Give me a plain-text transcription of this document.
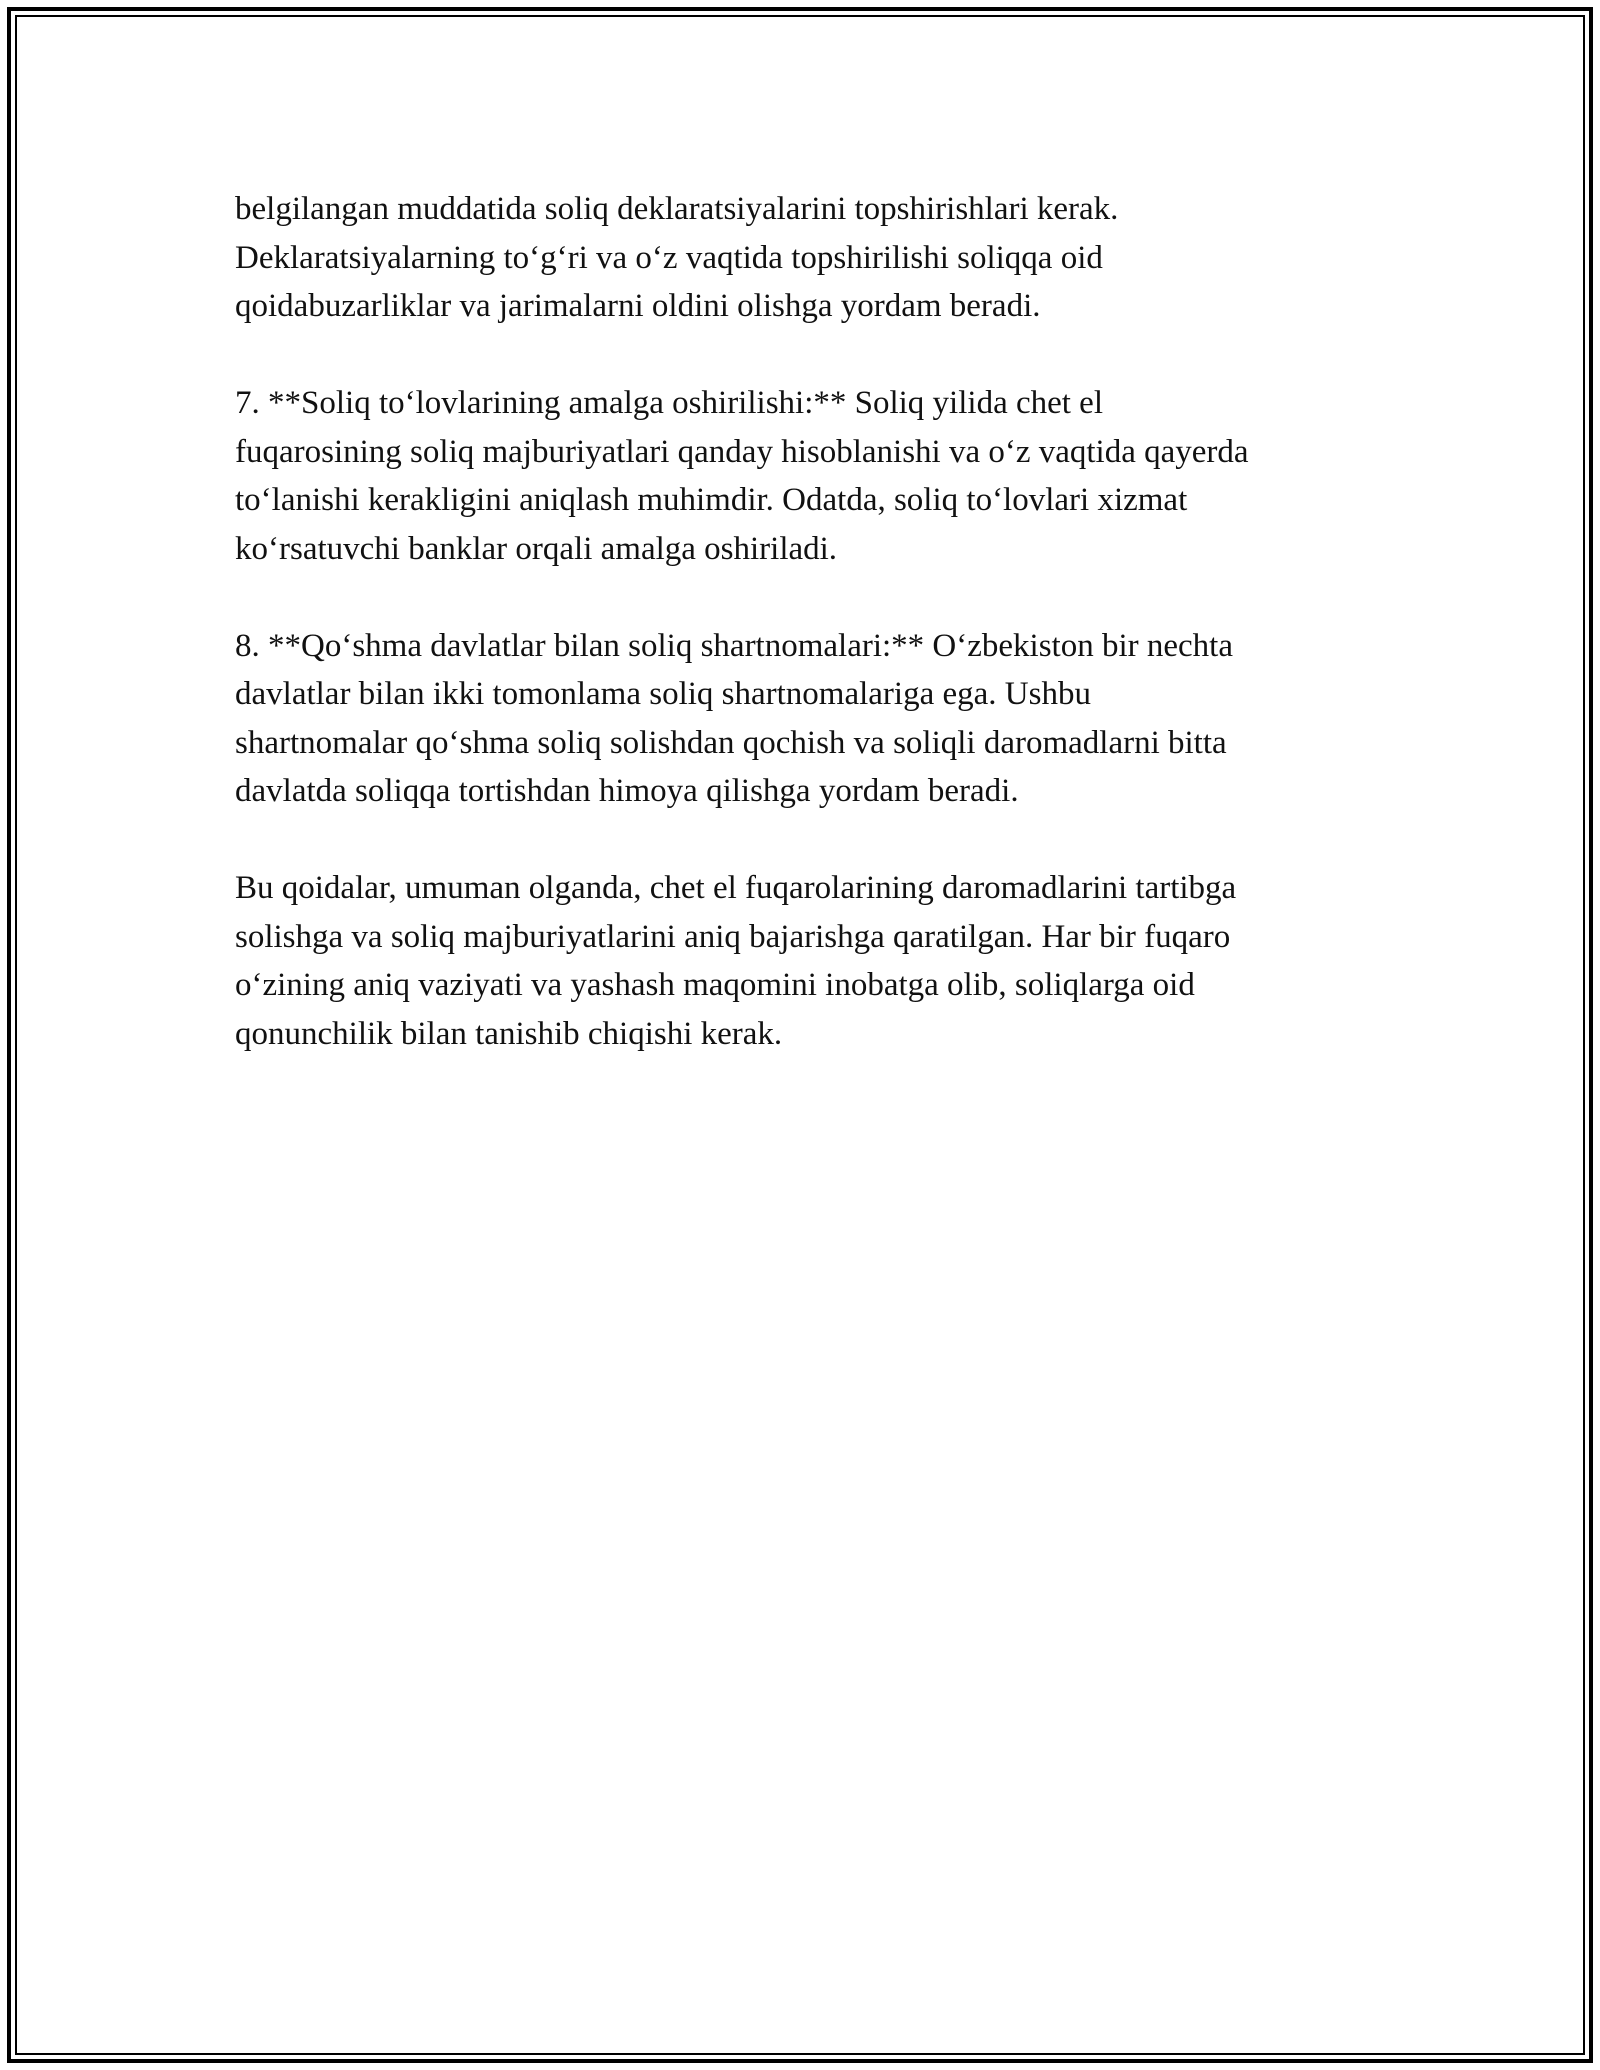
belgilangan muddatida soliq deklaratsiyalarini topshirishlari kerak.
Deklaratsiyalarning to‘g‘ri va o‘z vaqtida topshirilishi soliqqa oid
qoidabuzarliklar va jarimalarni oldini olishga yordam beradi.

7. **Soliq to‘lovlarining amalga oshirilishi:** Soliq yilida chet el
fuqarosining soliq majburiyatlari qanday hisoblanishi va o‘z vaqtida qayerda
to‘lanishi kerakligini aniqlash muhimdir. Odatda, soliq to‘lovlari xizmat
ko‘rsatuvchi banklar orqali amalga oshiriladi.

8. **Qo‘shma davlatlar bilan soliq shartnomalari:** O‘zbekiston bir nechta
davlatlar bilan ikki tomonlama soliq shartnomalariga ega. Ushbu
shartnomalar qo‘shma soliq solishdan qochish va soliqli daromadlarni bitta
davlatda soliqqa tortishdan himoya qilishga yordam beradi.

Bu qoidalar, umuman olganda, chet el fuqarolarining daromadlarini tartibga
solishga va soliq majburiyatlarini aniq bajarishga qaratilgan. Har bir fuqaro
o‘zining aniq vaziyati va yashash maqomini inobatga olib, soliqlarga oid
qonunchilik bilan tanishib chiqishi kerak.
